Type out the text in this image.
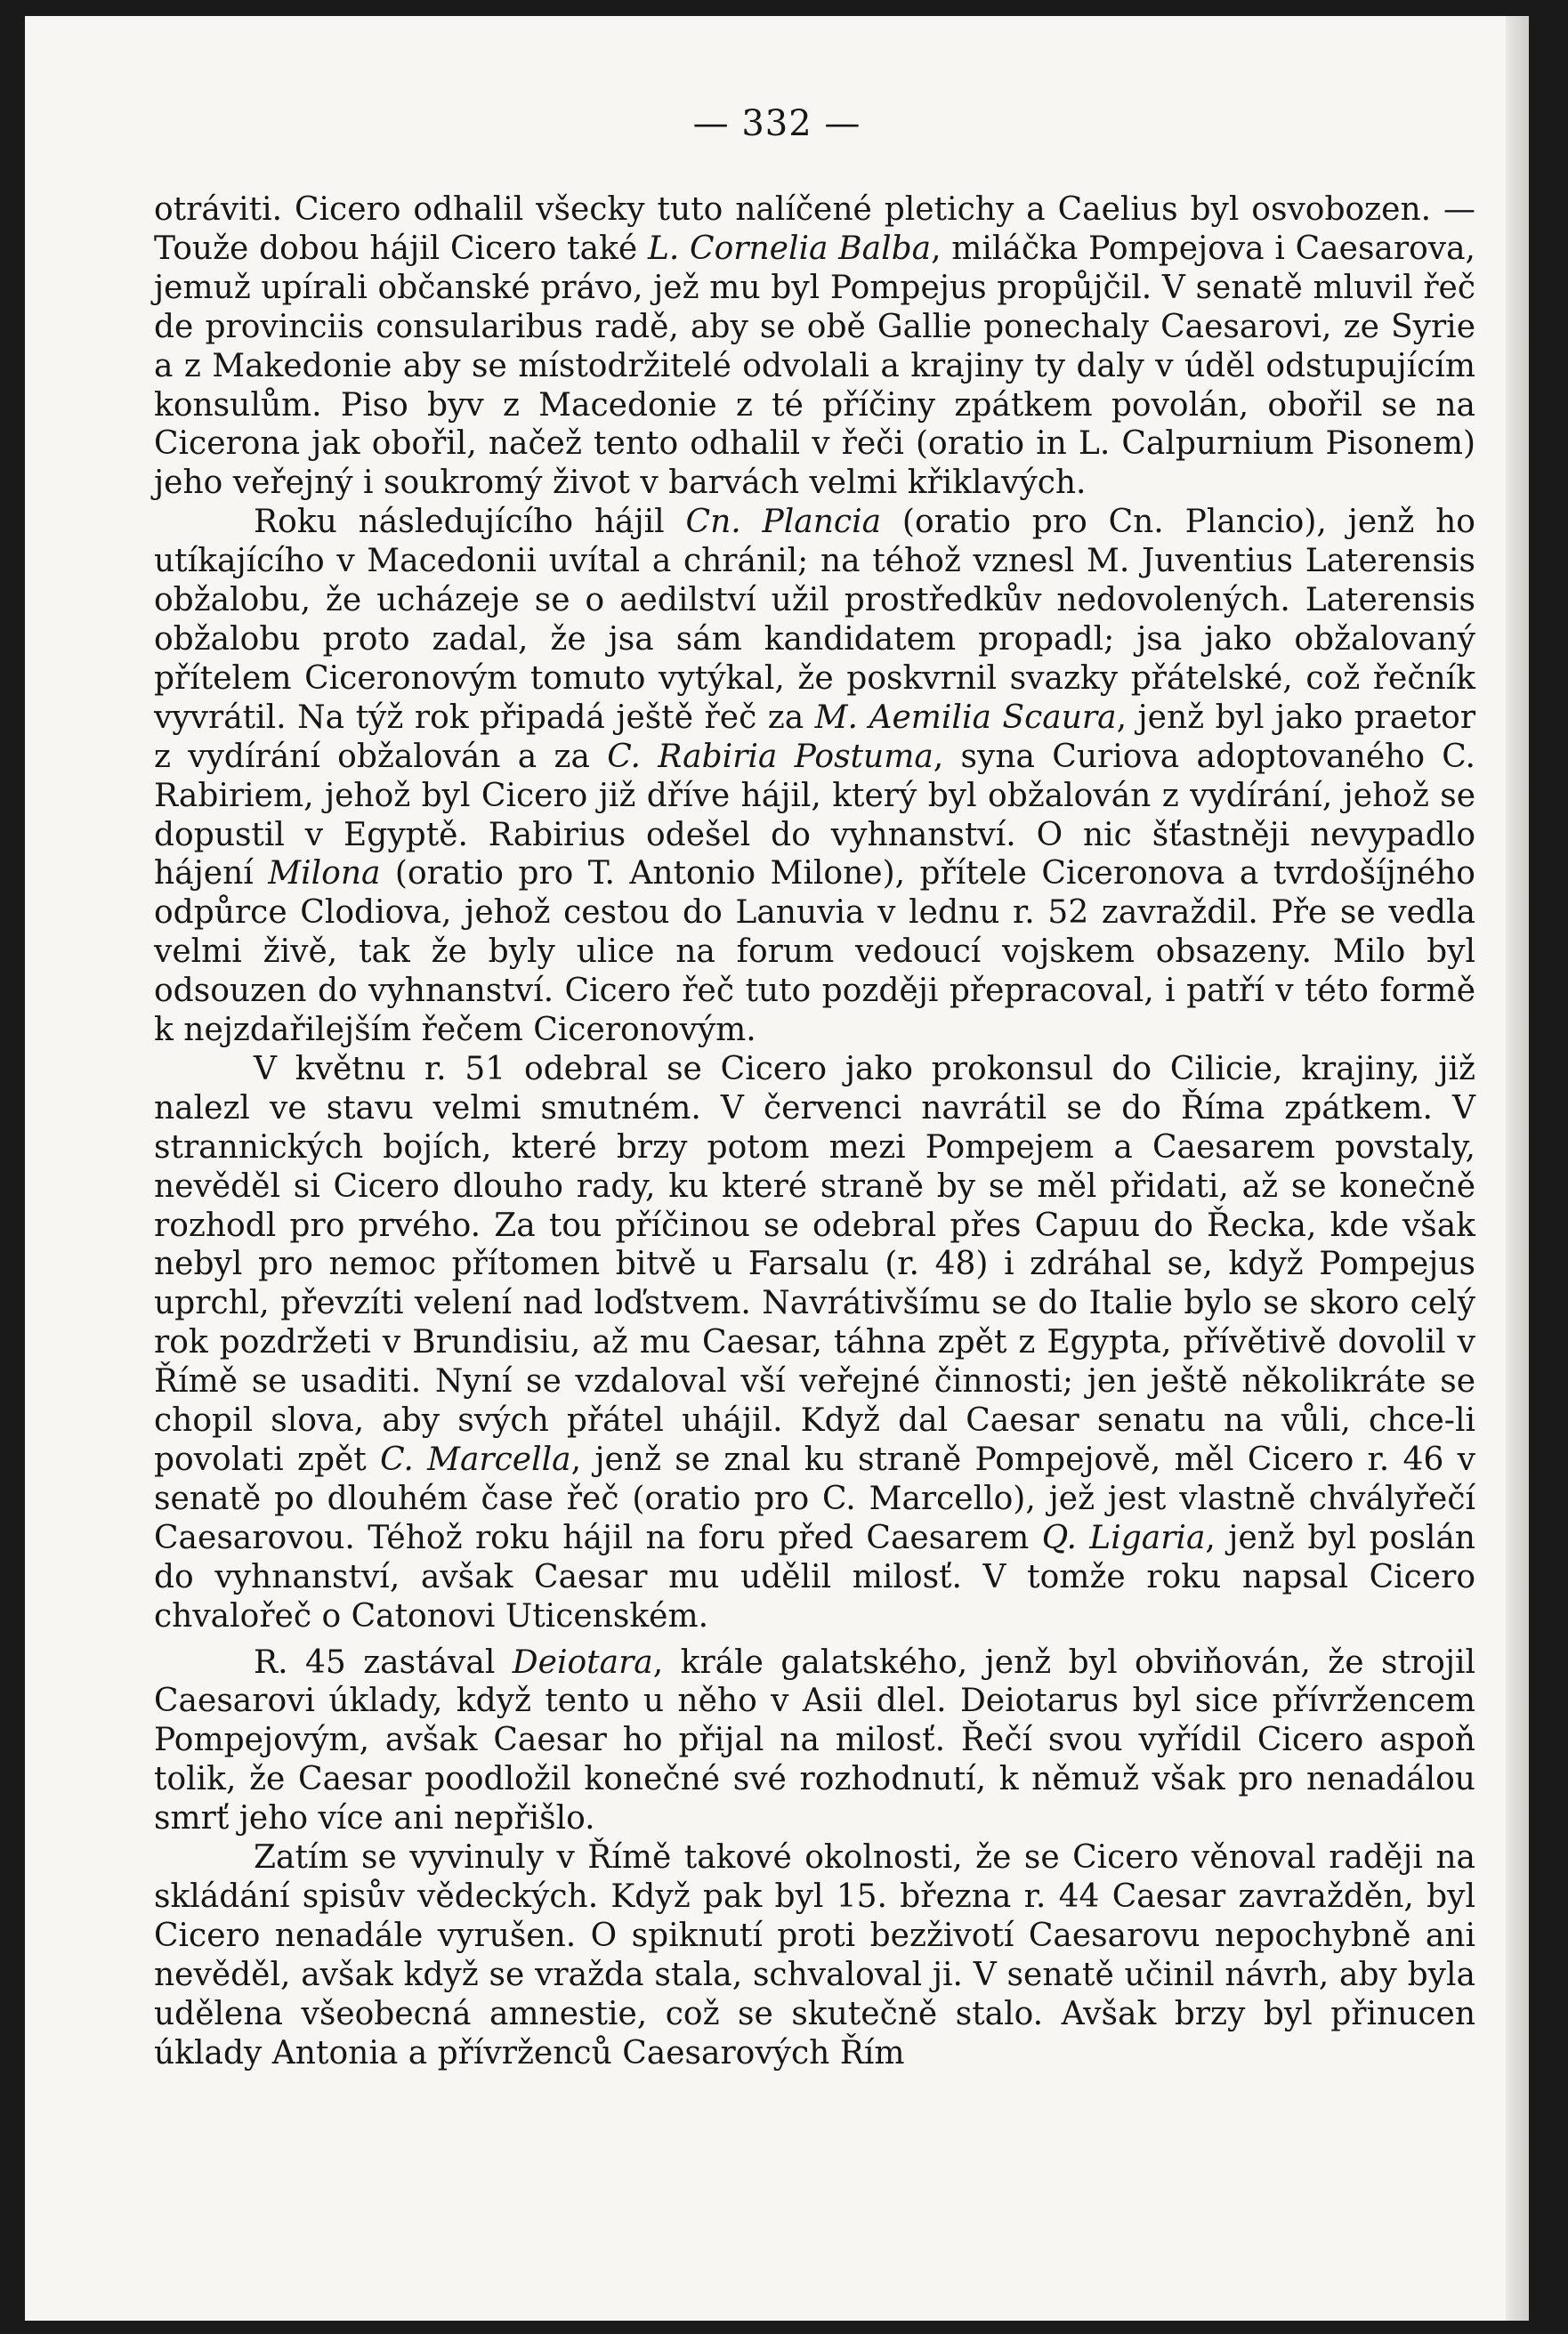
— 332 —

otráviti. Cicero odhalil všecky tuto nalíčené pletichy a Caelius byl osvobozen. — Touže dobou hájil Cicero také L. Cornelia Balba, miláčka Pompejova i Caesarova, jemuž upírali občanské právo, jež mu byl Pompejus propůjčil. V senatě mluvil řeč de provinciis consularibus radě, aby se obě Gallie ponechaly Caesarovi, ze Syrie a z Makedonie aby se místodržitelé odvolali a krajiny ty daly v úděl odstupujícím konsulům. Piso byv z Macedonie z té příčiny zpátkem povolán, obořil se na Cicerona jak obořil, načež tento odhalil v řeči (oratio in L. Calpurnium Pisonem) jeho veřejný i soukromý život v barvách velmi křiklavých.

Roku následujícího hájil Cn. Plancia (oratio pro Cn. Plancio), jenž ho utíkajícího v Macedonii uvítal a chránil; na téhož vznesl M. Juventius Laterensis obžalobu, že ucházeje se o aedilství užil prostředkův nedovolených. Laterensis obžalobu proto zadal, že jsa sám kandidatem propadl; jsa jako obžalovaný přítelem Ciceronovým tomuto vytýkal, že poskvrnil svazky přátelské, což řečník vyvrátil. Na týž rok připadá ještě řeč za M. Aemilia Scaura, jenž byl jako praetor z vydírání obžalován a za C. Rabiria Postuma, syna Curiova adoptovaného C. Rabiriem, jehož byl Cicero již dříve hájil, který byl obžalován z vydírání, jehož se dopustil v Egyptě. Rabirius odešel do vyhnanství. O nic šťastněji nevypadlo hájení Milona (oratio pro T. Antonio Milone), přítele Ciceronova a tvrdošíjného odpůrce Clodiova, jehož cestou do Lanuvia v lednu r. 52 zavraždil. Pře se vedla velmi živě, tak že byly ulice na forum vedoucí vojskem obsazeny. Milo byl odsouzen do vyhnanství. Cicero řeč tuto později přepracoval, i patří v této formě k nejzdařilejším řečem Ciceronovým.

V květnu r. 51 odebral se Cicero jako prokonsul do Cilicie, krajiny, již nalezl ve stavu velmi smutném. V červenci navrátil se do Říma zpátkem. V strannických bojích, které brzy potom mezi Pompejem a Caesarem povstaly, nevěděl si Cicero dlouho rady, ku které straně by se měl přidati, až se konečně rozhodl pro prvého. Za tou příčinou se odebral přes Capuu do Řecka, kde však nebyl pro nemoc přítomen bitvě u Farsalu (r. 48) i zdráhal se, když Pompejus uprchl, převzíti velení nad loďstvem. Navrátivšímu se do Italie bylo se skoro celý rok pozdržeti v Brundisiu, až mu Caesar, táhna zpět z Egypta, přívětivě dovolil v Římě se usaditi. Nyní se vzdaloval vší veřejné činnosti; jen ještě několikráte se chopil slova, aby svých přátel uhájil. Když dal Caesar senatu na vůli, chce-li povolati zpět C. Marcella, jenž se znal ku straně Pompejově, měl Cicero r. 46 v senatě po dlouhém čase řeč (oratio pro C. Marcello), jež jest vlastně chvályřečí Caesarovou. Téhož roku hájil na foru před Caesarem Q. Ligaria, jenž byl poslán do vyhnanství, avšak Caesar mu udělil milosť. V tomže roku napsal Cicero chvalořeč o Catonovi Uticenském.

R. 45 zastával Deiotara, krále galatského, jenž byl obviňován, že strojil Caesarovi úklady, když tento u něho v Asii dlel. Deiotarus byl sice přívržencem Pompejovým, avšak Caesar ho přijal na milosť. Řečí svou vyřídil Cicero aspoň tolik, že Caesar poodložil konečné své rozhodnutí, k němuž však pro nenadálou smrť jeho více ani nepřišlo.

Zatím se vyvinuly v Římě takové okolnosti, že se Cicero věnoval raději na skládání spisův vědeckých. Když pak byl 15. března r. 44 Caesar zavražděn, byl Cicero nenadále vyrušen. O spiknutí proti bezživotí Caesarovu nepochybně ani nevěděl, avšak když se vražda stala, schvaloval ji. V senatě učinil návrh, aby byla udělena všeobecná amnestie, což se skutečně stalo. Avšak brzy byl přinucen úklady Antonia a přívrženců Caesarových Řím
